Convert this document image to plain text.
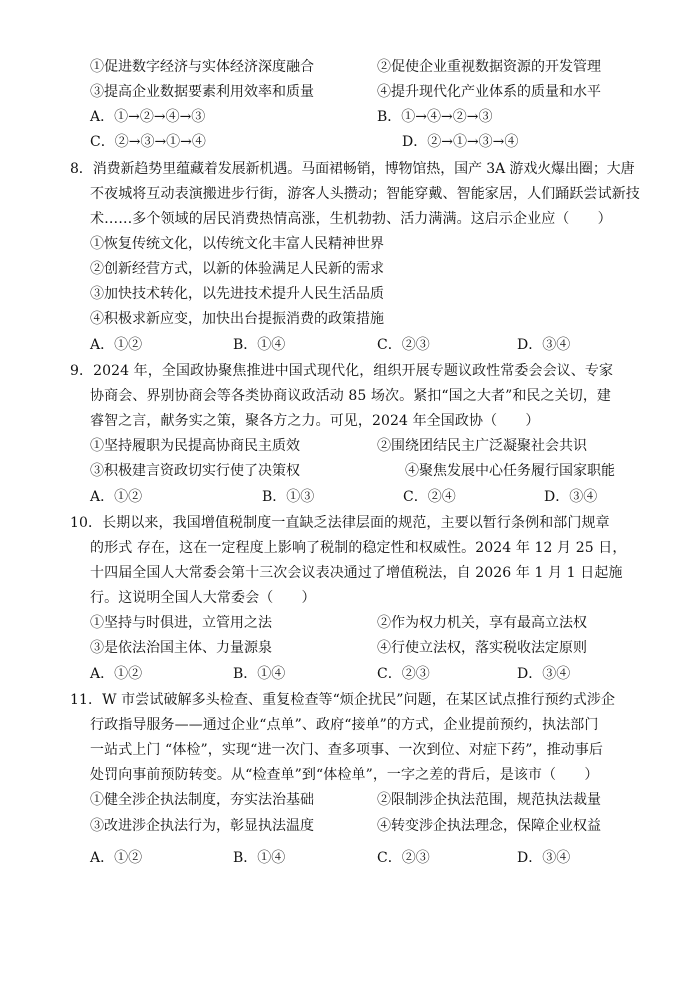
①促进数字经济与实体经济深度融合	②促使企业重视数据资源的开发管理
③提高企业数据要素利用效率和质量	④提升现代化产业体系的质量和水平
A．①→②→④→③	B．①→④→②→③
C．②→③→①→④	D．②→①→③→④
8．消费新趋势里蕴藏着发展新机遇。马面裙畅销，博物馆热，国产 3A 游戏火爆出圈；大唐
不夜城将互动表演搬进步行街，游客人头攒动；智能穿戴、智能家居，人们踊跃尝试新技
术……多个领域的居民消费热情高涨，生机勃勃、活力满满。这启示企业应（　　）
①恢复传统文化，以传统文化丰富人民精神世界
②创新经营方式，以新的体验满足人民新的需求
③加快技术转化，以先进技术提升人民生活品质
④积极求新应变，加快出台提振消费的政策措施
A．①②	B．①④	C．②③	D．③④
9．2024 年，全国政协聚焦推进中国式现代化，组织开展专题议政性常委会会议、专家
协商会、界别协商会等各类协商议政活动 85 场次。紧扣“国之大者”和民之关切，建
睿智之言，献务实之策，聚各方之力。可见，2024 年全国政协（　　）
①坚持履职为民提高协商民主质效	②围绕团结民主广泛凝聚社会共识
③积极建言资政切实行使了决策权	④聚焦发展中心任务履行国家职能
A．①②	B．①③	C．②④	D．③④
10．长期以来，我国增值税制度一直缺乏法律层面的规范，主要以暂行条例和部门规章
的形式 存在，这在一定程度上影响了税制的稳定性和权威性。2024 年 12 月 25 日，
十四届全国人大常委会第十三次会议表决通过了增值税法，自 2026 年 1 月 1 日起施
行。这说明全国人大常委会（　　）
①坚持与时俱进，立管用之法	②作为权力机关，享有最高立法权
③是依法治国主体、力量源泉	④行使立法权，落实税收法定原则
A．①②	B．①④	C．②③	D．③④
11．W 市尝试破解多头检查、重复检查等“烦企扰民”问题，在某区试点推行预约式涉企
行政指导服务——通过企业“点单”、政府“接单”的方式，企业提前预约，执法部门
一站式上门 “体检”，实现“进一次门、查多项事、一次到位、对症下药”，推动事后
处罚向事前预防转变。从“检查单”到“体检单”，一字之差的背后，是该市（　　）
①健全涉企执法制度，夯实法治基础	②限制涉企执法范围，规范执法裁量
③改进涉企执法行为，彰显执法温度	④转变涉企执法理念，保障企业权益
A．①②	B．①④	C．②③	D．③④
